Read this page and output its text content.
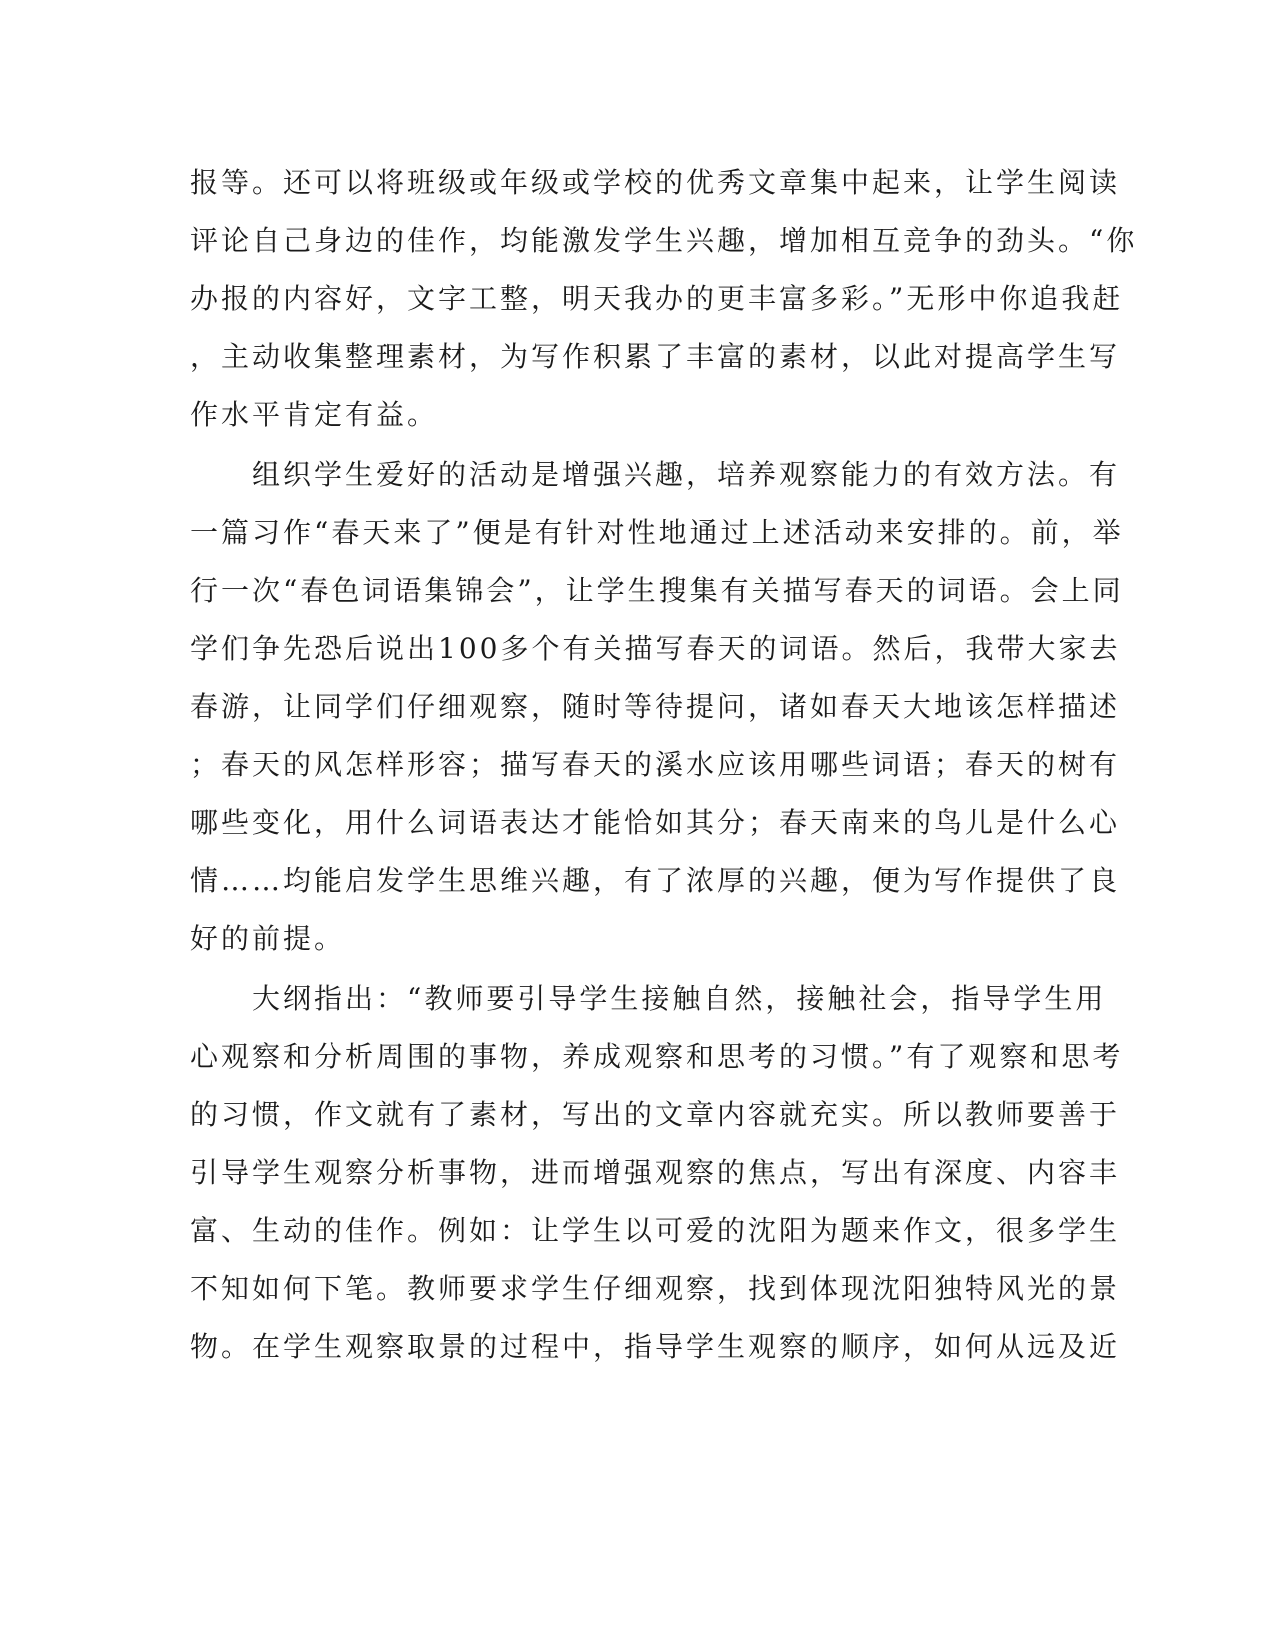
报等。还可以将班级或年级或学校的优秀文章集中起来，让学生阅读
评论自己身边的佳作，均能激发学生兴趣，增加相互竞争的劲头。“你
办报的内容好，文字工整，明天我办的更丰富多彩。”无形中你追我赶
，主动收集整理素材，为写作积累了丰富的素材，以此对提高学生写
作水平肯定有益。
组织学生爱好的活动是增强兴趣，培养观察能力的有效方法。有
一篇习作“春天来了”便是有针对性地通过上述活动来安排的。前，举
行一次“春色词语集锦会”，让学生搜集有关描写春天的词语。会上同
学们争先恐后说出100多个有关描写春天的词语。然后，我带大家去
春游，让同学们仔细观察，随时等待提问，诸如春天大地该怎样描述
；春天的风怎样形容；描写春天的溪水应该用哪些词语；春天的树有
哪些变化，用什么词语表达才能恰如其分；春天南来的鸟儿是什么心
情……均能启发学生思维兴趣，有了浓厚的兴趣，便为写作提供了良
好的前提。
大纲指出：“教师要引导学生接触自然，接触社会，指导学生用
心观察和分析周围的事物，养成观察和思考的习惯。”有了观察和思考
的习惯，作文就有了素材，写出的文章内容就充实。所以教师要善于
引导学生观察分析事物，进而增强观察的焦点，写出有深度、内容丰
富、生动的佳作。例如：让学生以可爱的沈阳为题来作文，很多学生
不知如何下笔。教师要求学生仔细观察，找到体现沈阳独特风光的景
物。在学生观察取景的过程中，指导学生观察的顺序，如何从远及近
